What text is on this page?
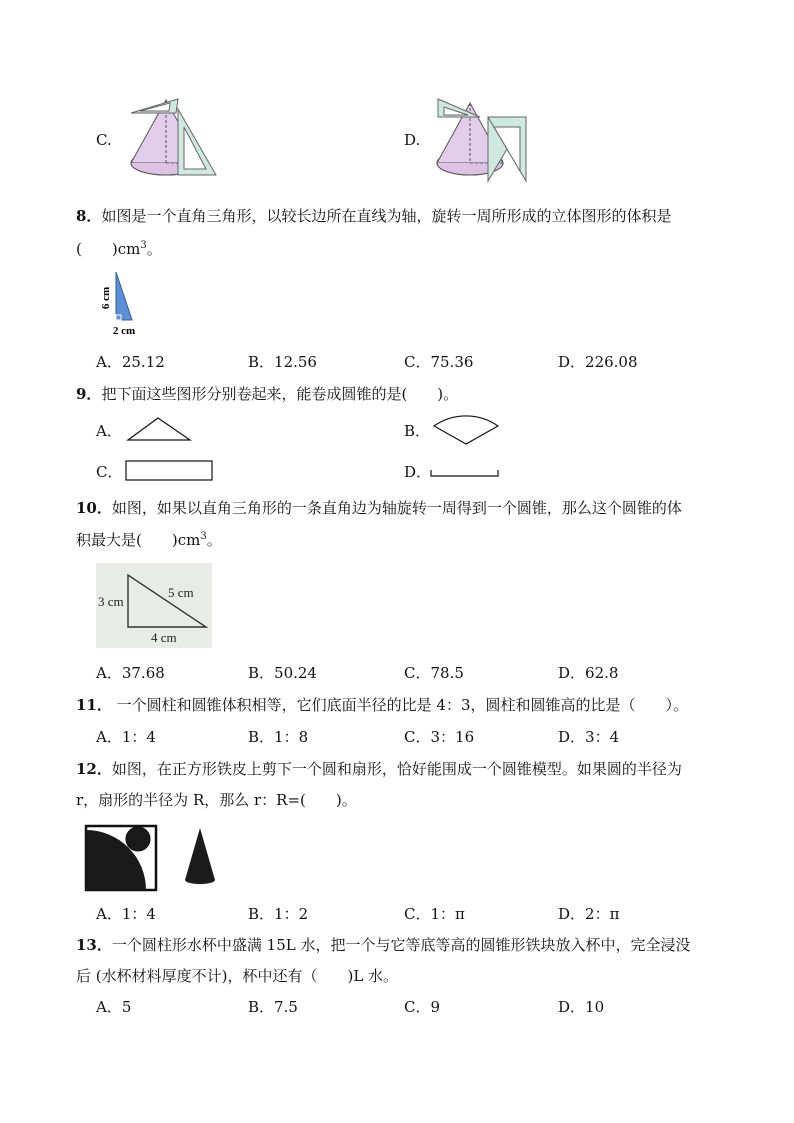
C.	D.
8．如图是一个直角三角形，以较长边所在直线为轴，旋转一周所形成的立体图形的体积是
(　　)$cm^3$。
6 cm
2 cm
A．25.12	B．12.56	C．75.36	D．226.08
9．把下面这些图形分别卷起来，能卷成圆锥的是(　　)。
A．	B．
C．	D．
10．如图，如果以直角三角形的一条直角边为轴旋转一周得到一个圆锥，那么这个圆锥的体
积最大是(　　)$cm^3$。
3 cm
5 cm
4 cm
A．37.68	B．50.24	C．78.5	D．62.8
11． 一个圆柱和圆锥体积相等，它们底面半径的比是 4：3，圆柱和圆锥高的比是（　　）。
A．1：4	B．1：8	C．3：16	D．3：4
12．如图，在正方形铁皮上剪下一个圆和扇形，恰好能围成一个圆锥模型。如果圆的半径为
r，扇形的半径为 R，那么 r：R=(　　)。
A．1：4	B．1：2	C．1：π	D．2：π
13．一个圆柱形水杯中盛满 15L 水，把一个与它等底等高的圆锥形铁块放入杯中，完全浸没
后 (水杯材料厚度不计)，杯中还有（　　)L 水。
A．5	B．7.5	C．9	D．10
